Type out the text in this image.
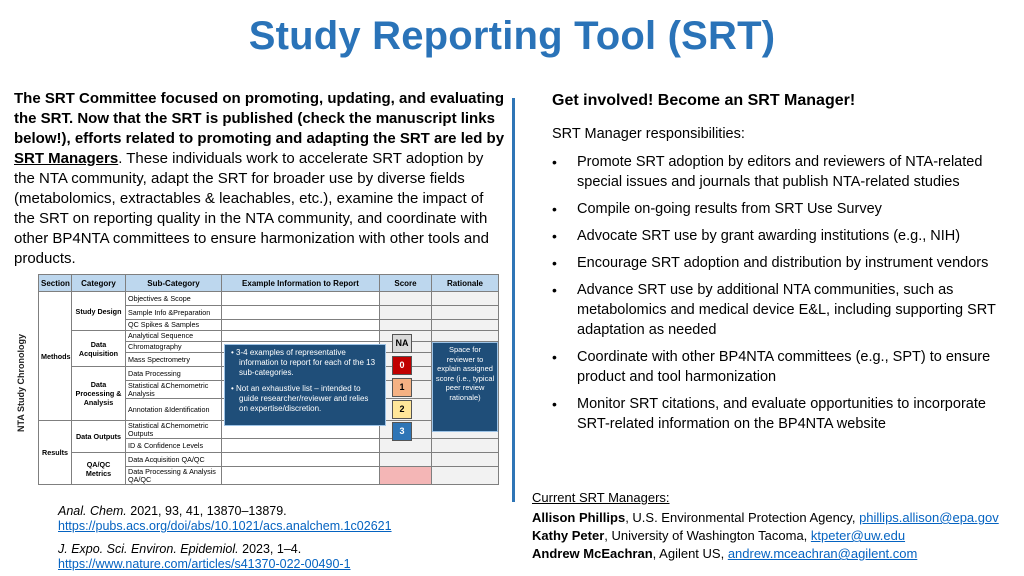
Study Reporting Tool (SRT)
The SRT Committee focused on promoting, updating, and evaluating the SRT. Now that the SRT is published (check the manuscript links below!), efforts related to promoting and adapting the SRT are led by SRT Managers. These individuals work to accelerate SRT adoption by the NTA community, adapt the SRT for broader use by diverse fields (metabolomics, extractables & leachables, etc.), examine the impact of the SRT on reporting quality in the NTA community, and coordinate with other BP4NTA committees to ensure harmonization with other tools and products.
NTA Study Chronology
Section	Category	Sub-Category	Example Information to Report	Score	Rationale
Methods	Study Design	Objectives & Scope			
		Sample Info &Preparation			
		QC Spikes & Samples			
	Data Acquisition	Analytical Sequence			
		Chromatography			
		Mass Spectrometry			
	Data Processing & Analysis	Data Processing			
		Statistical &Chemometric Analysis			
		Annotation &Identification			
Results	Data Outputs	Statistical &Chemometric Outputs			
		ID & Confidence Levels			
	QA/QC Metrics	Data Acquisition QA/QC			
		Data Processing & Analysis QA/QC			
• 3-4 examples of representative information to report for each of the 13 sub-categories.
• Not an exhaustive list – intended to guide researcher/reviewer and relies on expertise/discretion.
Space for reviewer to explain assigned score (i.e., typical peer review rationale)
NA
0
1
2
3
Anal. Chem. 2021, 93, 41, 13870–13879.
https://pubs.acs.org/doi/abs/10.1021/acs.analchem.1c02621
J. Expo. Sci. Environ. Epidemiol. 2023, 1–4.
https://www.nature.com/articles/s41370-022-00490-1
Get involved! Become an SRT Manager!
SRT Manager responsibilities:
• Promote SRT adoption by editors and reviewers of NTA-related special issues and journals that publish NTA-related studies
• Compile on-going results from SRT Use Survey
• Advocate SRT use by grant awarding institutions (e.g., NIH)
• Encourage SRT adoption and distribution by instrument vendors
• Advance SRT use by additional NTA communities, such as metabolomics and medical device E&L, including supporting SRT adaptation as needed
• Coordinate with other BP4NTA committees (e.g., SPT) to ensure product and tool harmonization
• Monitor SRT citations, and evaluate opportunities to incorporate SRT-related information on the BP4NTA website
Current SRT Managers:
Allison Phillips, U.S. Environmental Protection Agency, phillips.allison@epa.gov
Kathy Peter, University of Washington Tacoma, ktpeter@uw.edu
Andrew McEachran, Agilent US, andrew.mceachran@agilent.com
